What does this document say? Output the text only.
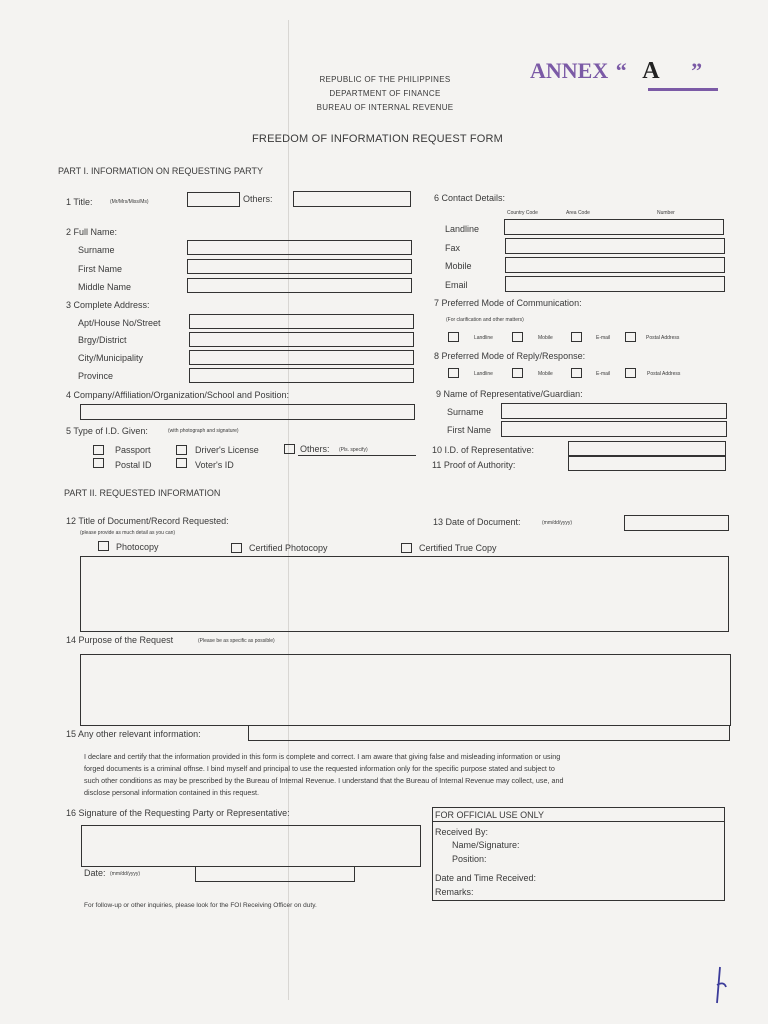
REPUBLIC OF THE PHILIPPINES
DEPARTMENT OF FINANCE
BUREAU OF INTERNAL REVENUE
ANNEX “ A ”
FREEDOM OF INFORMATION REQUEST FORM
PART I. INFORMATION ON REQUESTING PARTY
1 Title:	(Mr/Mrs/Miss/Ms)	Others:
2 Full Name:
Surname
First Name
Middle Name
3 Complete Address:
Apt/House No/Street
Brgy/District
City/Municipality
Province
4 Company/Affiliation/Organization/School and Position:
5 Type of I.D. Given:	(with photograph and signature)
Passport	Driver's License	Others: (Pls. specify)
Postal ID	Voter's ID
6 Contact Details:
Country Code	Area Code	Number
Landline
Fax
Mobile
Email
7 Preferred Mode of Communication:
(For clarification and other matters)
Landline	Mobile	E-mail	Postal Address
8 Preferred Mode of Reply/Response:
Landline	Mobile	E-mail	Postal Address
9 Name of Representative/Guardian:
Surname
First Name
10 I.D. of Representative:
11 Proof of Authority:
PART II. REQUESTED INFORMATION
12 Title of Document/Record Requested:
(please provide as much detail as you can)
Photocopy	Certified Photocopy	Certified True Copy
13 Date of Document:	(mm/dd/yyyy)
14 Purpose of the Request	(Please be as specific as possible)
15 Any other relevant information:
I declare and certify that the information provided in this form is complete and correct. I am aware that giving false and misleading information or using
forged documents is a criminal offnse. I bind myself and principal to use the requested information only for the specific purpose stated and subject to
such other conditions as may be prescribed by the Bureau of Internal Revenue. I understand that the Bureau of Internal Revenue may collect, use, and
disclose personal information contained in this request.
16 Signature of the Requesting Party or Representative:
Date: (mm/dd/yyyy)
FOR OFFICIAL USE ONLY
Received By:
Name/Signature:
Position:
Date and Time Received:
Remarks:
For follow-up or other inquiries, please look for the FOI Receiving Officer on duty.
